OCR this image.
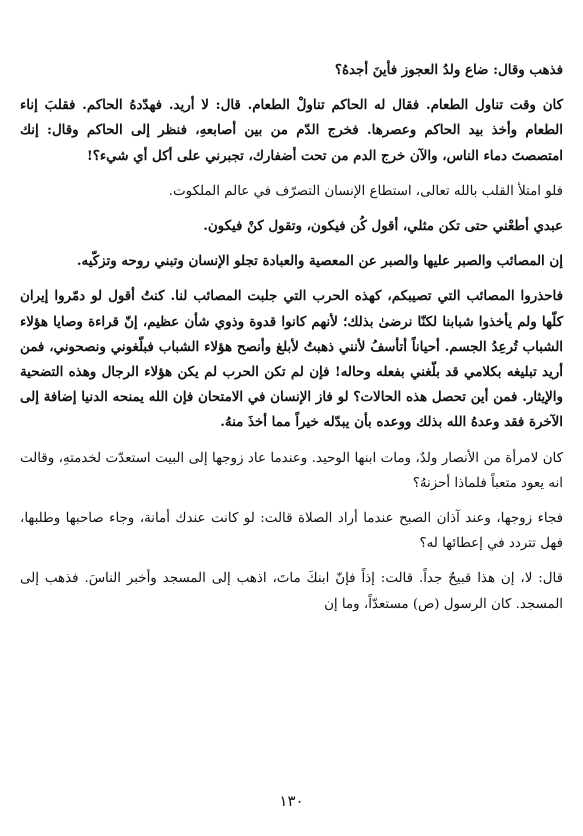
فذهب وقال: ضاع ولدُ العجوز فأينَ أجدهُ؟

كان وقت تناول الطعام. فقال له الحاكم تناولْ الطعام. قال: لا أريد. فهدّدهُ الحاكم. فقلبَ إناء الطعام وأخذ بيد الحاكم وعصرها. فخرج الدّم من بين أصابعهِ، فنظر إلى الحاكم وقال: إنك امتصصتَ دماء الناس، والآن خرج الدم من تحت أضفارك، تجبرني على أكل أي شيء؟!

فلو امتلأ القلب بالله تعالى، استطاع الإنسان التصرّف في عالم الملكوت.

عبدي أطعْني حتى تكن مثلي، أقول كُن فيكون، وتقول كنْ فيكون.

إن المصائب والصبر عليها والصبر عن المعصية والعبادة تجلو الإنسان وتبني روحه وتزكّيه.

فاحذروا المصائب التي تصيبكم، كهذه الحرب التي جلبت المصائب لنا. كنتُ أقول لو دمّروا إيران كلّها ولم يأخذوا شبابنا لكنّا نرضىٰ بذلك؛ لأنهم كانوا قدوة وذوي شأن عظيم، إنّ قراءة وصايا هؤلاء الشباب تُرعِدُ الجسم. أحياناً أتأسفُ لأنني ذهبتُ لأبلغ وأنصح هؤلاء الشباب فبلّغوني ونصحوني، فمن أريد تبليغه بكلامي قد بلّغني بفعله وحاله! فإن لم تكن الحرب لم يكن هؤلاء الرجال وهذه التضحية والإيثار. فمن أين تحصل هذه الحالات؟ لو فاز الإنسان في الامتحان فإن الله يمنحه الدنيا إضافة إلى الآخرة فقد وعدهُ الله بذلك ووعده بأن يبدّله خيراً مما أخذَ منهُ.

كان لامرأة من الأنصار ولدٌ، ومات ابنها الوحيد. وعندما عاد زوجها إلى البيت استعدّت لخدمتهِ، وقالت انه يعود متعباً فلماذا أحزنهُ؟

فجاء زوجها، وعند آذان الصبح عندما أراد الصلاة قالت: لو كانت عندك أمانة، وجاء صاحبها وطلبها، فهل تتردد في إعطائها له؟

قال: لا، إن هذا قبيحٌ جداً. قالت: إذاً فإنّ ابنكَ ماتَ، اذهب إلى المسجد وأخبر الناسَ. فذهب إلى المسجد. كان الرسول (ص) مستعدّاً، وما إن

١٣٠
